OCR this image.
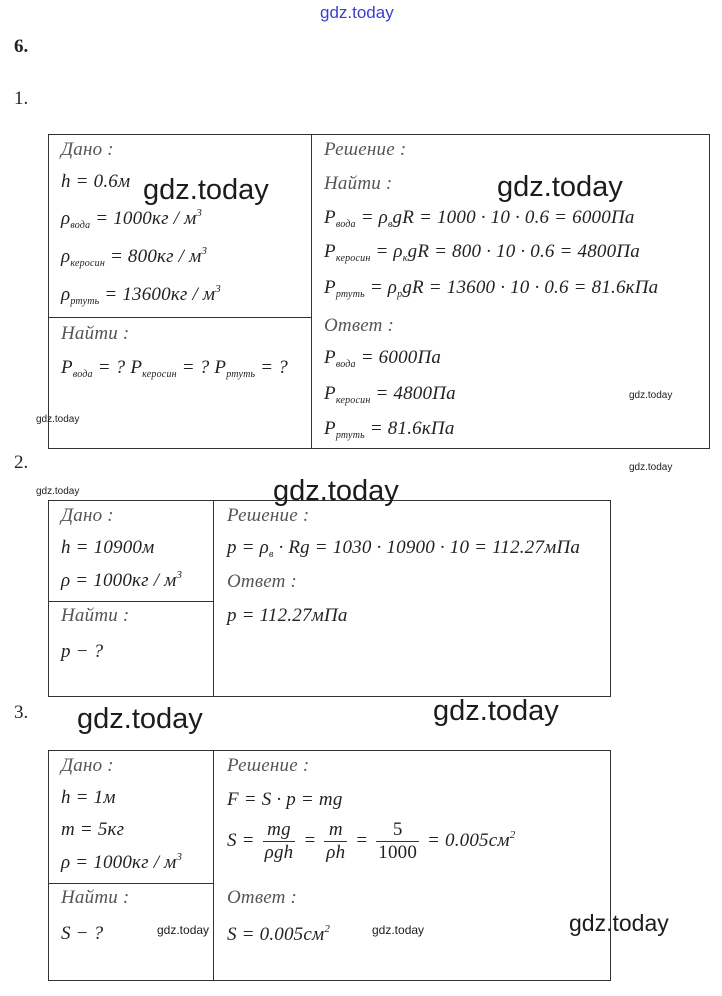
gdz.today
6.
1.
Дано :
h = 0.6м
$\rho_{вода} = 1000кг / м^3$
$\rho_{керосин} = 800кг / м^3$
$\rho_{ртуть} = 13600кг / м^3$
Найти :
$P_{вода}$ = ? $P_{керосин}$ = ? $P_{ртуть}$ = ?
Решение :
Найти :
$P_{вода} = \rho_вgR = 1000 \cdot 10 \cdot 0.6 = 6000Па$
$P_{керосин} = \rho_кgR = 800 \cdot 10 \cdot 0.6 = 4800Па$
$P_{ртуть} = \rho_рgR = 13600 \cdot 10 \cdot 0.6 = 81.6кПа$
Ответ :
$P_{вода} = 6000Па$
$P_{керосин} = 4800Па$
$P_{ртуть} = 81.6кПа$
2.
Дано :
h = 10900м
$\rho = 1000кг / м^3$
Найти :
p − ?
Решение :
$p = \rho_в \cdot Rg = 1030 \cdot 10900 \cdot 10 = 112.27мПа$
Ответ :
p = 112.27мПа
3.
Дано :
h = 1м
m = 5кг
$\rho = 1000кг / м^3$
Найти :
S − ?
Решение :
F = S · p = mg
$S = \frac{mg}{\text{ρgh}} = \frac{m}{\rho h} = \frac{5}{1000} = 0.005см^2$
Ответ :
$S = 0.005см^2$
gdz.today	gdz.today
gdz.today
gdz.today
gdz.today
gdz.today	gdz.today
gdz.today	gdz.today
gdz.today	gdz.today	gdz.today
